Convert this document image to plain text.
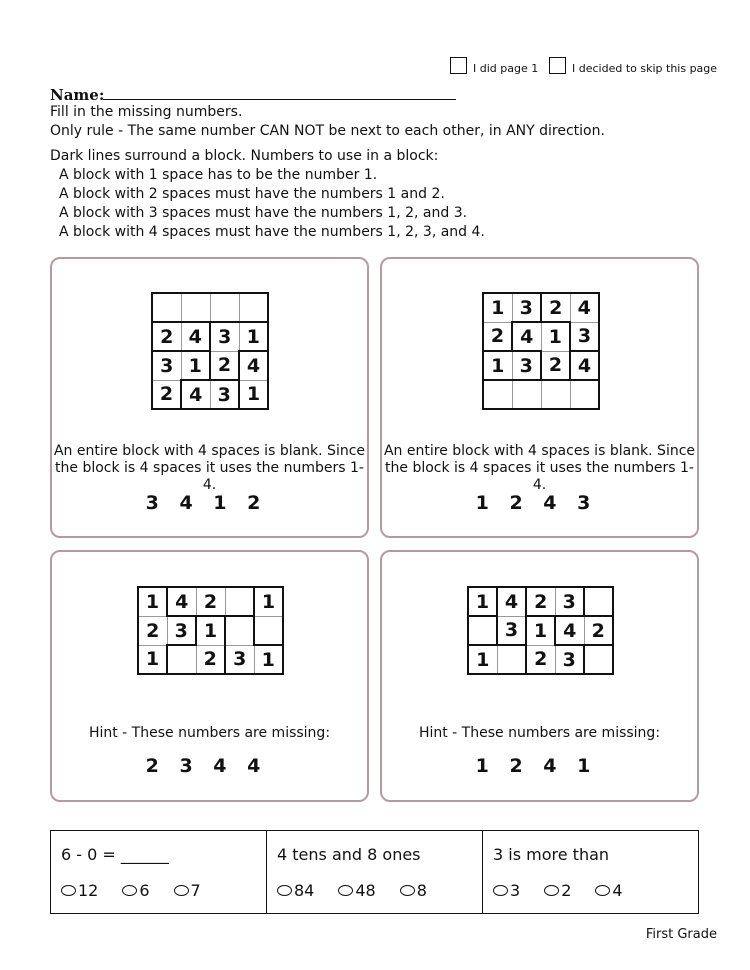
I did page 1	I decided to skip this page
Name:
Fill in the missing numbers.
Only rule - The same number CAN NOT be next to each other, in ANY direction.
Dark lines surround a block. Numbers to use in a block:
A block with 1 space has to be the number 1.
A block with 2 spaces must have the numbers 1 and 2.
A block with 3 spaces must have the numbers 1, 2, and 3.
A block with 4 spaces must have the numbers 1, 2, 3, and 4.

2	4	3	1
3	1	2	4
2	4	3	1
An entire block with 4 spaces is blank. Since
the block is 4 spaces it uses the numbers 1-4.
3 4 1 2
1	3	2	4
2	4	1	3
1	3	2	4

An entire block with 4 spaces is blank. Since
the block is 4 spaces it uses the numbers 1-4.
1 2 4 3
1	4	2		1
2	3	1		
1		2	3	1
Hint - These numbers are missing:
2 3 4 4
1	4	2	3	
	3	1	4	2
1		2	3	
Hint - These numbers are missing:
1 2 4 1
6 - 0 = ______
12	6	7
4 tens and 8 ones
84	48	8
3 is more than
3	2	4
First Grade
